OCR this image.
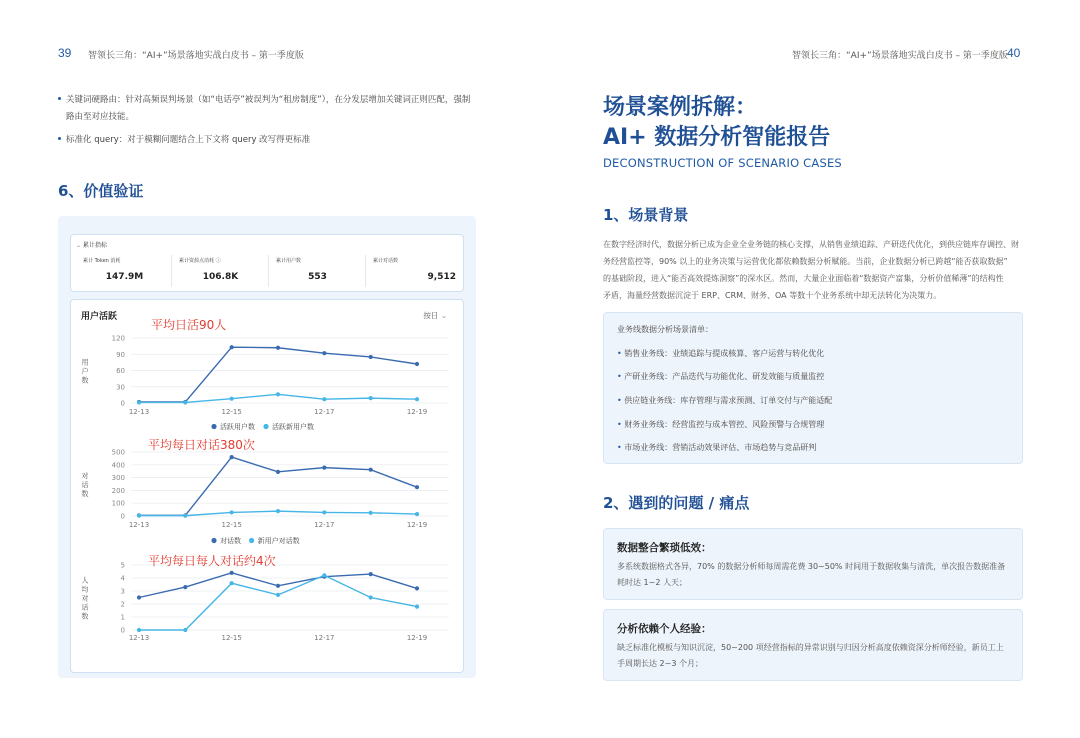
39 智领长三角：“AI+”场景落地实战白皮书 – 第一季度版	智领长三角：“AI+”场景落地实战白皮书 – 第一季度版 40
关键词硬路由：针对高频误判场景（如“电话亭”被误判为“租房制度”），在分发层增加关键词正则匹配，强制
路由至对应技能。
标准化 query：对于模糊问题结合上下文将 query 改写得更标准
6、价值验证
⌄ 累计指标
累计 Token 消耗
147.9M
累计资源点消耗 ⓘ
106.8K
累计用户数
553
累计对话数
9,512
用户活跃	按日 ⌄
0
30
60
90
120
用
户
数
12-13	12-15	12-17	12-19
活跃用户数 活跃新用户数
0
100
200
300
400
500
对
话
数
12-13	12-15	12-17	12-19
对话数 新用户对话数
0
1
2
3
4
5
人
均
对
话
数
12-13	12-15	12-17	12-19
平均日活90人
平均每日对话380次
平均每日每人对话约4次
场景案例拆解：
AI+ 数据分析智能报告
DECONSTRUCTION OF SCENARIO CASES
1、场景背景
在数字经济时代，数据分析已成为企业全业务链的核心支撑，从销售业绩追踪、产研迭代优化，到供应链库存调控、财
务经营监控等，90% 以上的业务决策与运营优化都依赖数据分析赋能。当前，企业数据分析已跨越“能否获取数据”
的基础阶段，进入“能否高效提炼洞察”的深水区。然而，大量企业面临着“数据资产富集，分析价值稀薄”的结构性
矛盾，海量经营数据沉淀于 ERP、CRM、财务、OA 等数十个业务系统中却无法转化为决策力。
业务线数据分析场景清单：
• 销售业务线：业绩追踪与提成核算、客户运营与转化优化
• 产研业务线：产品迭代与功能优化、研发效能与质量监控
• 供应链业务线：库存管理与需求预测、订单交付与产能适配
• 财务业务线：经营监控与成本管控、风险预警与合规管理
• 市场业务线：营销活动效果评估、市场趋势与竞品研判
2、遇到的问题 / 痛点
数据整合繁琐低效：
多系统数据格式各异，70% 的数据分析师每周需花费 30~50% 时间用于数据收集与清洗，单次报告数据准备
耗时达 1~2 人天；
分析依赖个人经验：
缺乏标准化模板与知识沉淀，50~200 项经营指标的异常识别与归因分析高度依赖资深分析师经验，新员工上
手周期长达 2~3 个月；
